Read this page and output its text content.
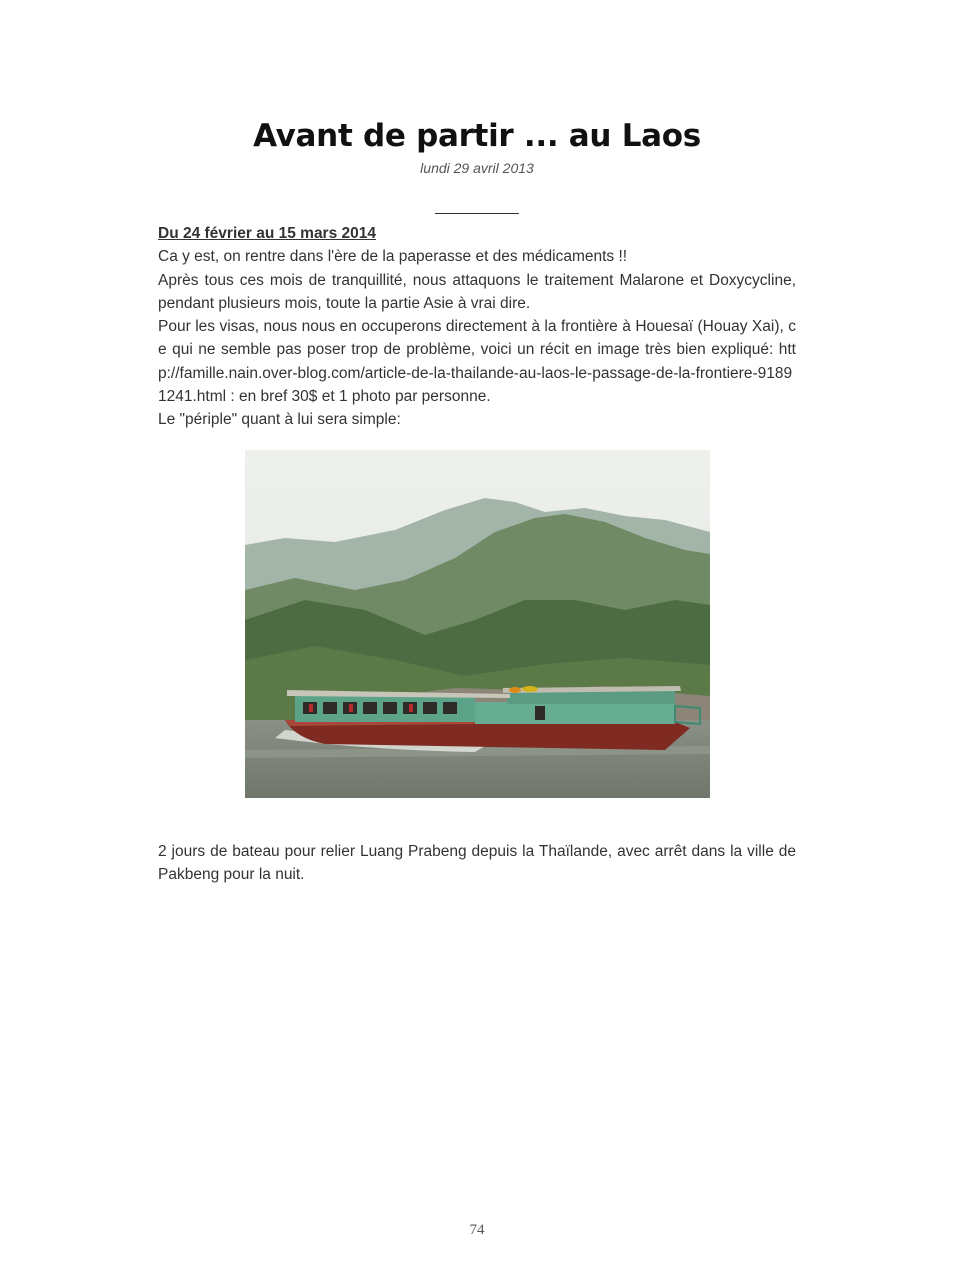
Avant de partir ... au Laos
lundi 29 avril 2013
__________

Du 24 février au 15 mars 2014

Ca y est, on rentre dans l'ère de la paperasse et des médicaments !!

Après tous ces mois de tranquillité, nous attaquons le traitement Malarone et Doxycycline, pendant plusieurs mois, toute la partie Asie à vrai dire.

Pour les visas, nous nous en occuperons directement à la frontière à Houesaï (Houay Xai), ce qui ne semble pas poser trop de problème, voici un récit en image très bien expliqué: http://famille.nain.over-blog.com/article-de-la-thailande-au-laos-le-passage-de-la-frontiere-91891241.html : en bref 30$ et 1 photo par personne.

Le "périple" quant à lui sera simple:

2 jours de bateau pour relier Luang Prabeng depuis la Thaïlande, avec arrêt dans la ville de Pakbeng pour la nuit.

74
